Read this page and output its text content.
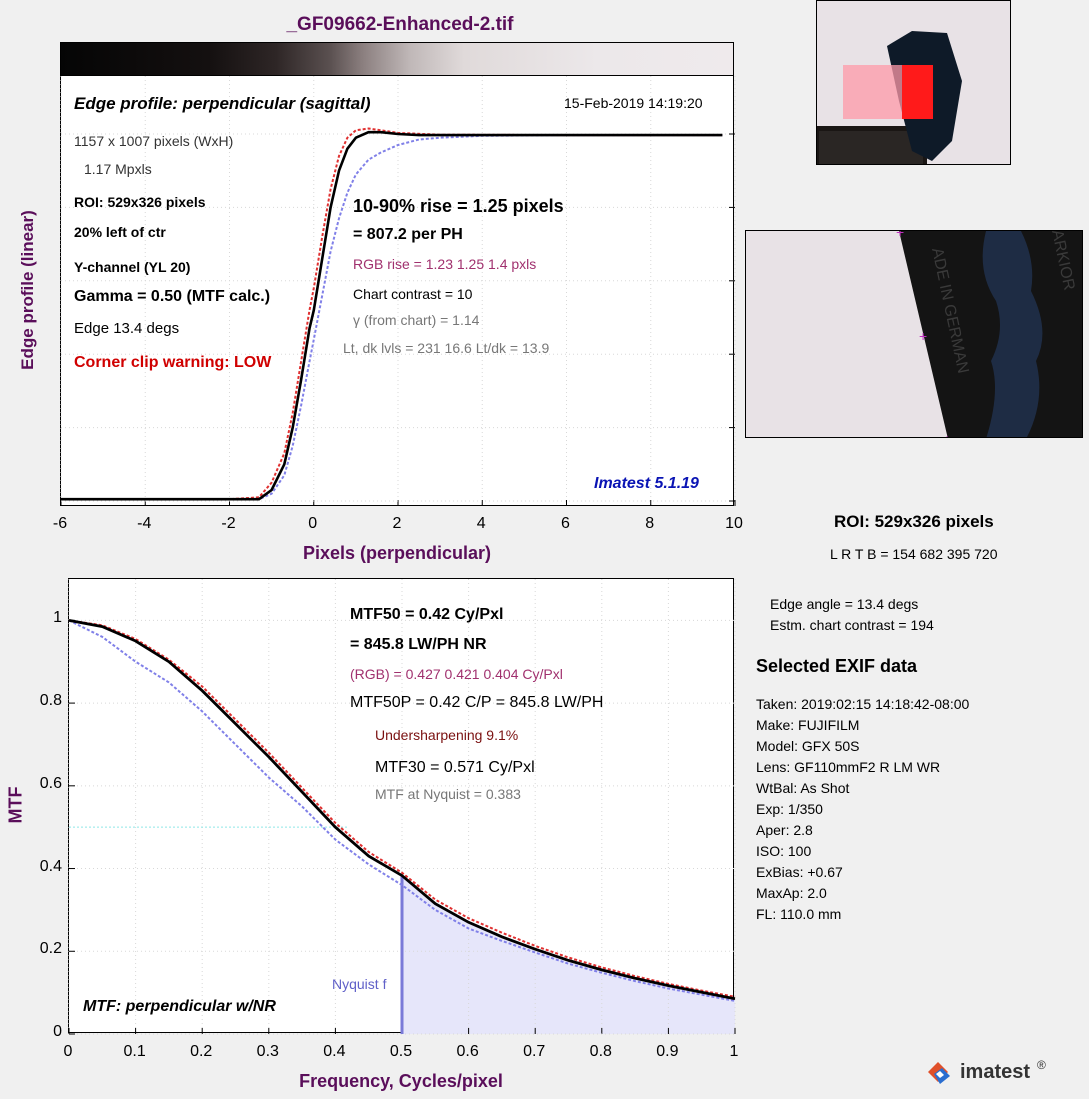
_GF09662-Enhanced-2.tif
Edge profile: perpendicular (sagittal)	15-Feb-2019 14:19:20
1157 x 1007 pixels (WxH)
1.17 Mpxls
ROI: 529x326 pixels
20% left of ctr
Y-channel (YL 20)
Gamma = 0.50 (MTF calc.)
Edge 13.4 degs
Corner clip warning: LOW
10-90% rise = 1.25 pixels
= 807.2 per PH
RGB rise = 1.23 1.25 1.4 pxls
Chart contrast = 10
γ (from chart) = 1.14
Lt, dk lvls = 231 16.6 Lt/dk = 13.9
Imatest 5.1.19
-6	-4	-2	0	2	4	6	8	10
Edge profile (linear)
Pixels (perpendicular)
MTF50 = 0.42 Cy/Pxl
= 845.8 LW/PH NR
(RGB) = 0.427 0.421 0.404 Cy/Pxl
MTF50P = 0.42 C/P = 845.8 LW/PH
Undersharpening 9.1%
MTF30 = 0.571 Cy/Pxl
MTF at Nyquist = 0.383
Nyquist f
MTF: perpendicular w/NR
0	0.1	0.2	0.3	0.4	0.5	0.6	0.7	0.8	0.9	1
0
0.2
0.4
0.6
0.8
1
MTF
Frequency, Cycles/pixel
ADE IN GERMAN	ARKIOR
+
+
+
ROI: 529x326 pixels
L R T B = 154 682 395 720
Edge angle = 13.4 degs
Estm. chart contrast = 194
Selected EXIF data
Taken: 2019:02:15 14:18:42-08:00
Make: FUJIFILM
Model: GFX 50S
Lens: GF110mmF2 R LM WR
WtBal: As Shot
Exp: 1/350
Aper: 2.8
ISO: 100
ExBias: +0.67
MaxAp: 2.0
FL: 110.0 mm
imatest ®
